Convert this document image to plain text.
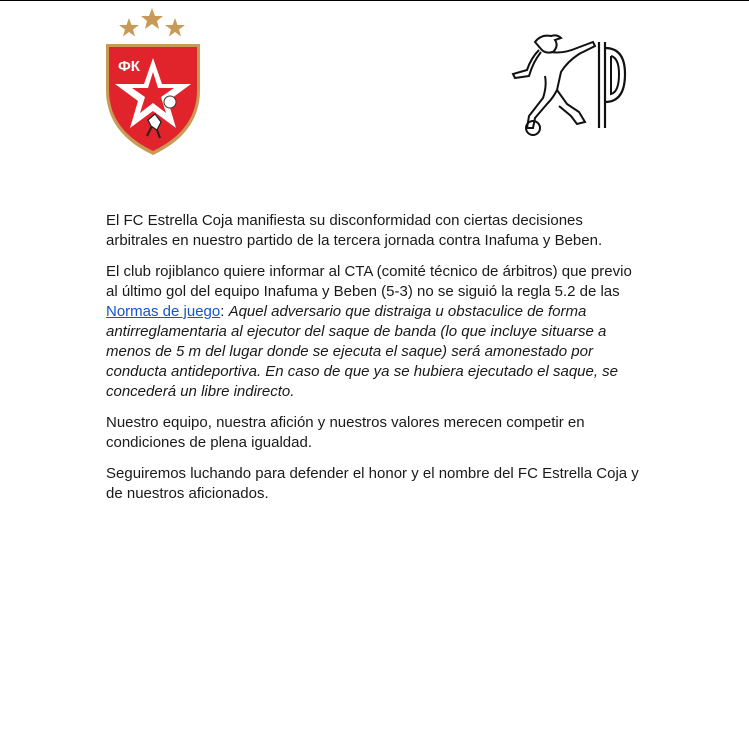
ФК
p

El FC Estrella Coja manifiesta su disconformidad con ciertas decisiones arbitrales en nuestro partido de la tercera jornada contra Inafuma y Beben.

El club rojiblanco quiere informar al CTA (comité técnico de árbitros) que previo al último gol del equipo Inafuma y Beben (5-3) no se siguió la regla 5.2 de las Normas de juego: Aquel adversario que distraiga u obstaculice de forma antirreglamentaria al ejecutor del saque de banda (lo que incluye situarse a menos de 5 m del lugar donde se ejecuta el saque) será amonestado por conducta antideportiva. En caso de que ya se hubiera ejecutado el saque, se concederá un libre indirecto.

Nuestro equipo, nuestra afición y nuestros valores merecen competir en condiciones de plena igualdad.

Seguiremos luchando para defender el honor y el nombre del FC Estrella Coja y de nuestros aficionados.
